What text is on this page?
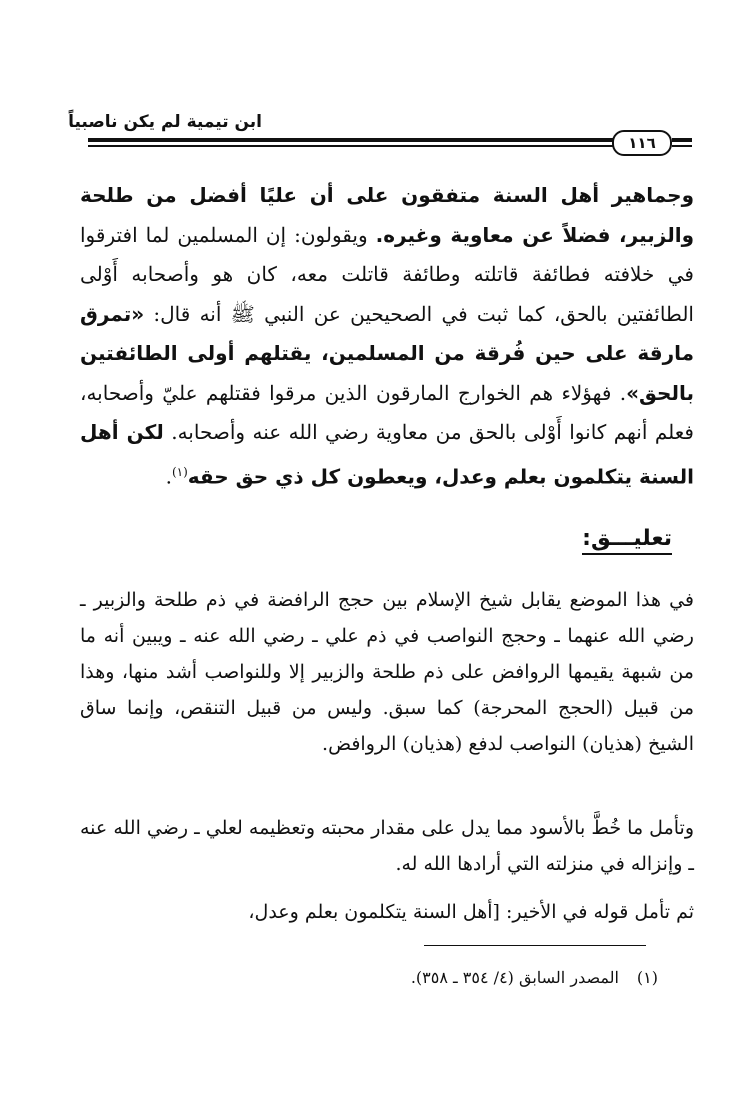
ابن تيمية لم يكن ناصبياً
١١٦
وجماهير أهل السنة متفقون على أن عليًا أفضل من طلحة والزبير، فضلاً عن معاوية وغيره. ويقولون: إن المسلمين لما افترقوا في خلافته فطائفة قاتلته وطائفة قاتلت معه، كان هو وأصحابه أَوْلى الطائفتين بالحق، كما ثبت في الصحيحين عن النبي ﷺ أنه قال: «تمرق مارقة على حين فُرقة من المسلمين، يقتلهم أولى الطائفتين بالحق». فهؤلاء هم الخوارج المارقون الذين مرقوا فقتلهم عليّ وأصحابه، فعلم أنهم كانوا أَوْلى بالحق من معاوية رضي الله عنه وأصحابه. لكن أهل السنة يتكلمون بعلم وعدل، ويعطون كل ذي حق حقه$^{(١)}$.
تعليـــق:
في هذا الموضع يقابل شيخ الإسلام بين حجج الرافضة في ذم طلحة والزبير ـ رضي الله عنهما ـ وحجج النواصب في ذم علي ـ رضي الله عنه ـ ويبين أنه ما من شبهة يقيمها الروافض على ذم طلحة والزبير إلا وللنواصب أشد منها، وهذا من قبيل (الحجج المحرجة) كما سبق. وليس من قبيل التنقص، وإنما ساق الشيخ (هذيان) النواصب لدفع (هذيان) الروافض.
وتأمل ما خُطَّ بالأسود مما يدل على مقدار محبته وتعظيمه لعلي ـ رضي الله عنه ـ وإنزاله في منزلته التي أرادها الله له.
ثم تأمل قوله في الأخير: [أهل السنة يتكلمون بعلم وعدل،
(١)المصدر السابق (٤/ ٣٥٤ ـ ٣٥٨).
